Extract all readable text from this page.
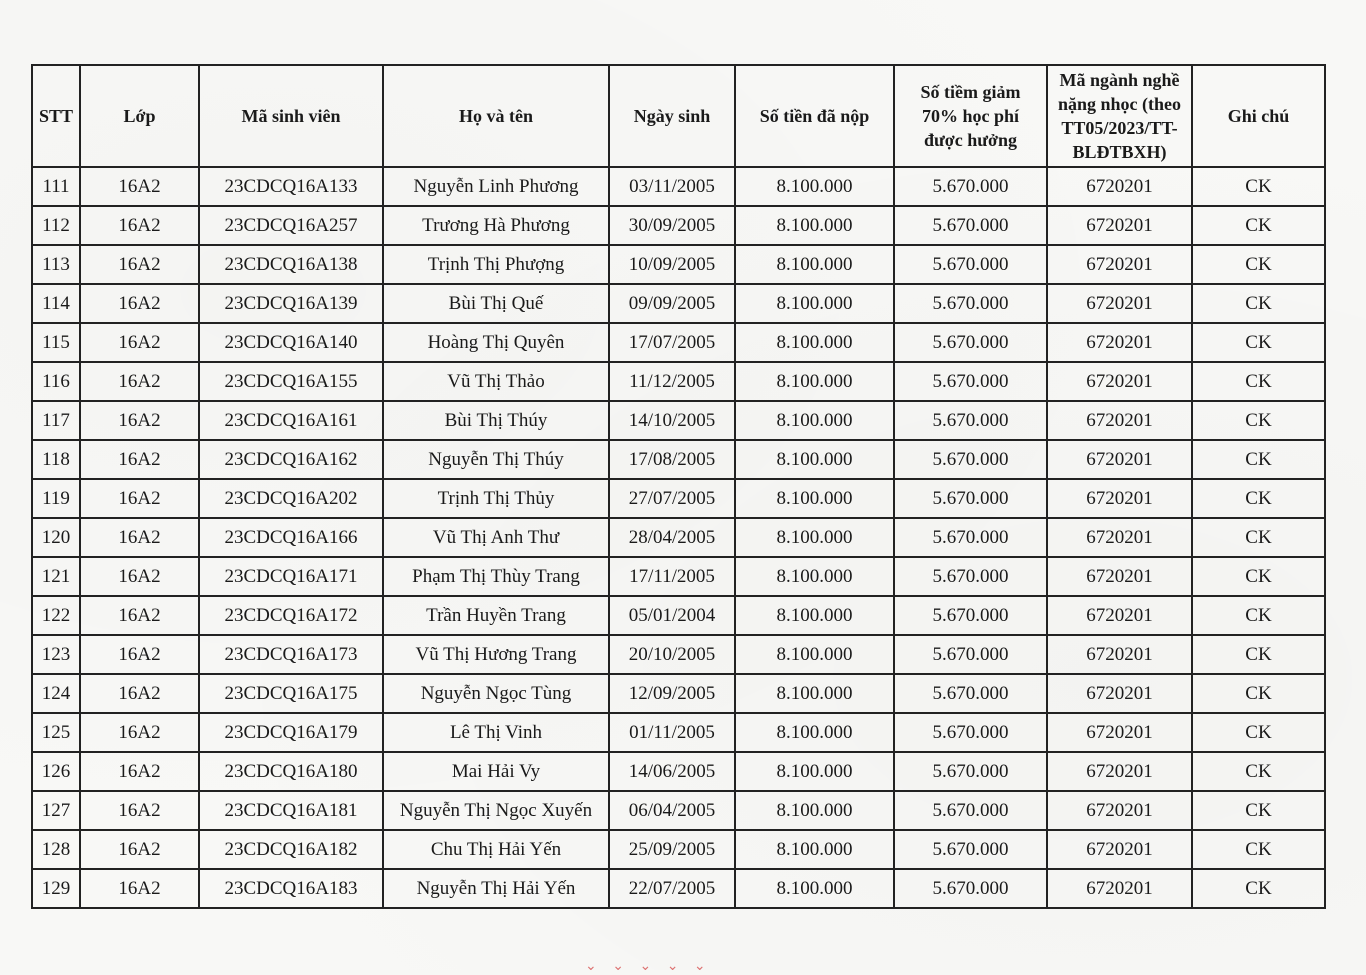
STT	Lớp	Mã sinh viên	Họ và tên	Ngày sinh	Số tiền đã nộp	Số tiềm giảm 70% học phí được hưởng	Mã ngành nghề nặng nhọc (theo TT05/2023/TT-BLĐTBXH)	Ghi chú
111	16A2	23CDCQ16A133	Nguyễn Linh Phương	03/11/2005	8.100.000	5.670.000	6720201	CK
112	16A2	23CDCQ16A257	Trương Hà Phương	30/09/2005	8.100.000	5.670.000	6720201	CK
113	16A2	23CDCQ16A138	Trịnh Thị Phượng	10/09/2005	8.100.000	5.670.000	6720201	CK
114	16A2	23CDCQ16A139	Bùi Thị Quế	09/09/2005	8.100.000	5.670.000	6720201	CK
115	16A2	23CDCQ16A140	Hoàng Thị Quyên	17/07/2005	8.100.000	5.670.000	6720201	CK
116	16A2	23CDCQ16A155	Vũ Thị Thảo	11/12/2005	8.100.000	5.670.000	6720201	CK
117	16A2	23CDCQ16A161	Bùi Thị Thúy	14/10/2005	8.100.000	5.670.000	6720201	CK
118	16A2	23CDCQ16A162	Nguyễn Thị Thúy	17/08/2005	8.100.000	5.670.000	6720201	CK
119	16A2	23CDCQ16A202	Trịnh Thị Thủy	27/07/2005	8.100.000	5.670.000	6720201	CK
120	16A2	23CDCQ16A166	Vũ Thị Anh Thư	28/04/2005	8.100.000	5.670.000	6720201	CK
121	16A2	23CDCQ16A171	Phạm Thị Thùy Trang	17/11/2005	8.100.000	5.670.000	6720201	CK
122	16A2	23CDCQ16A172	Trần Huyền Trang	05/01/2004	8.100.000	5.670.000	6720201	CK
123	16A2	23CDCQ16A173	Vũ Thị Hương Trang	20/10/2005	8.100.000	5.670.000	6720201	CK
124	16A2	23CDCQ16A175	Nguyễn Ngọc Tùng	12/09/2005	8.100.000	5.670.000	6720201	CK
125	16A2	23CDCQ16A179	Lê Thị Vinh	01/11/2005	8.100.000	5.670.000	6720201	CK
126	16A2	23CDCQ16A180	Mai Hải Vy	14/06/2005	8.100.000	5.670.000	6720201	CK
127	16A2	23CDCQ16A181	Nguyễn Thị Ngọc Xuyến	06/04/2005	8.100.000	5.670.000	6720201	CK
128	16A2	23CDCQ16A182	Chu Thị Hải Yến	25/09/2005	8.100.000	5.670.000	6720201	CK
129	16A2	23CDCQ16A183	Nguyễn Thị Hải Yến	22/07/2005	8.100.000	5.670.000	6720201	CK
⌄ ⌄ ⌄ ⌄ ⌄
